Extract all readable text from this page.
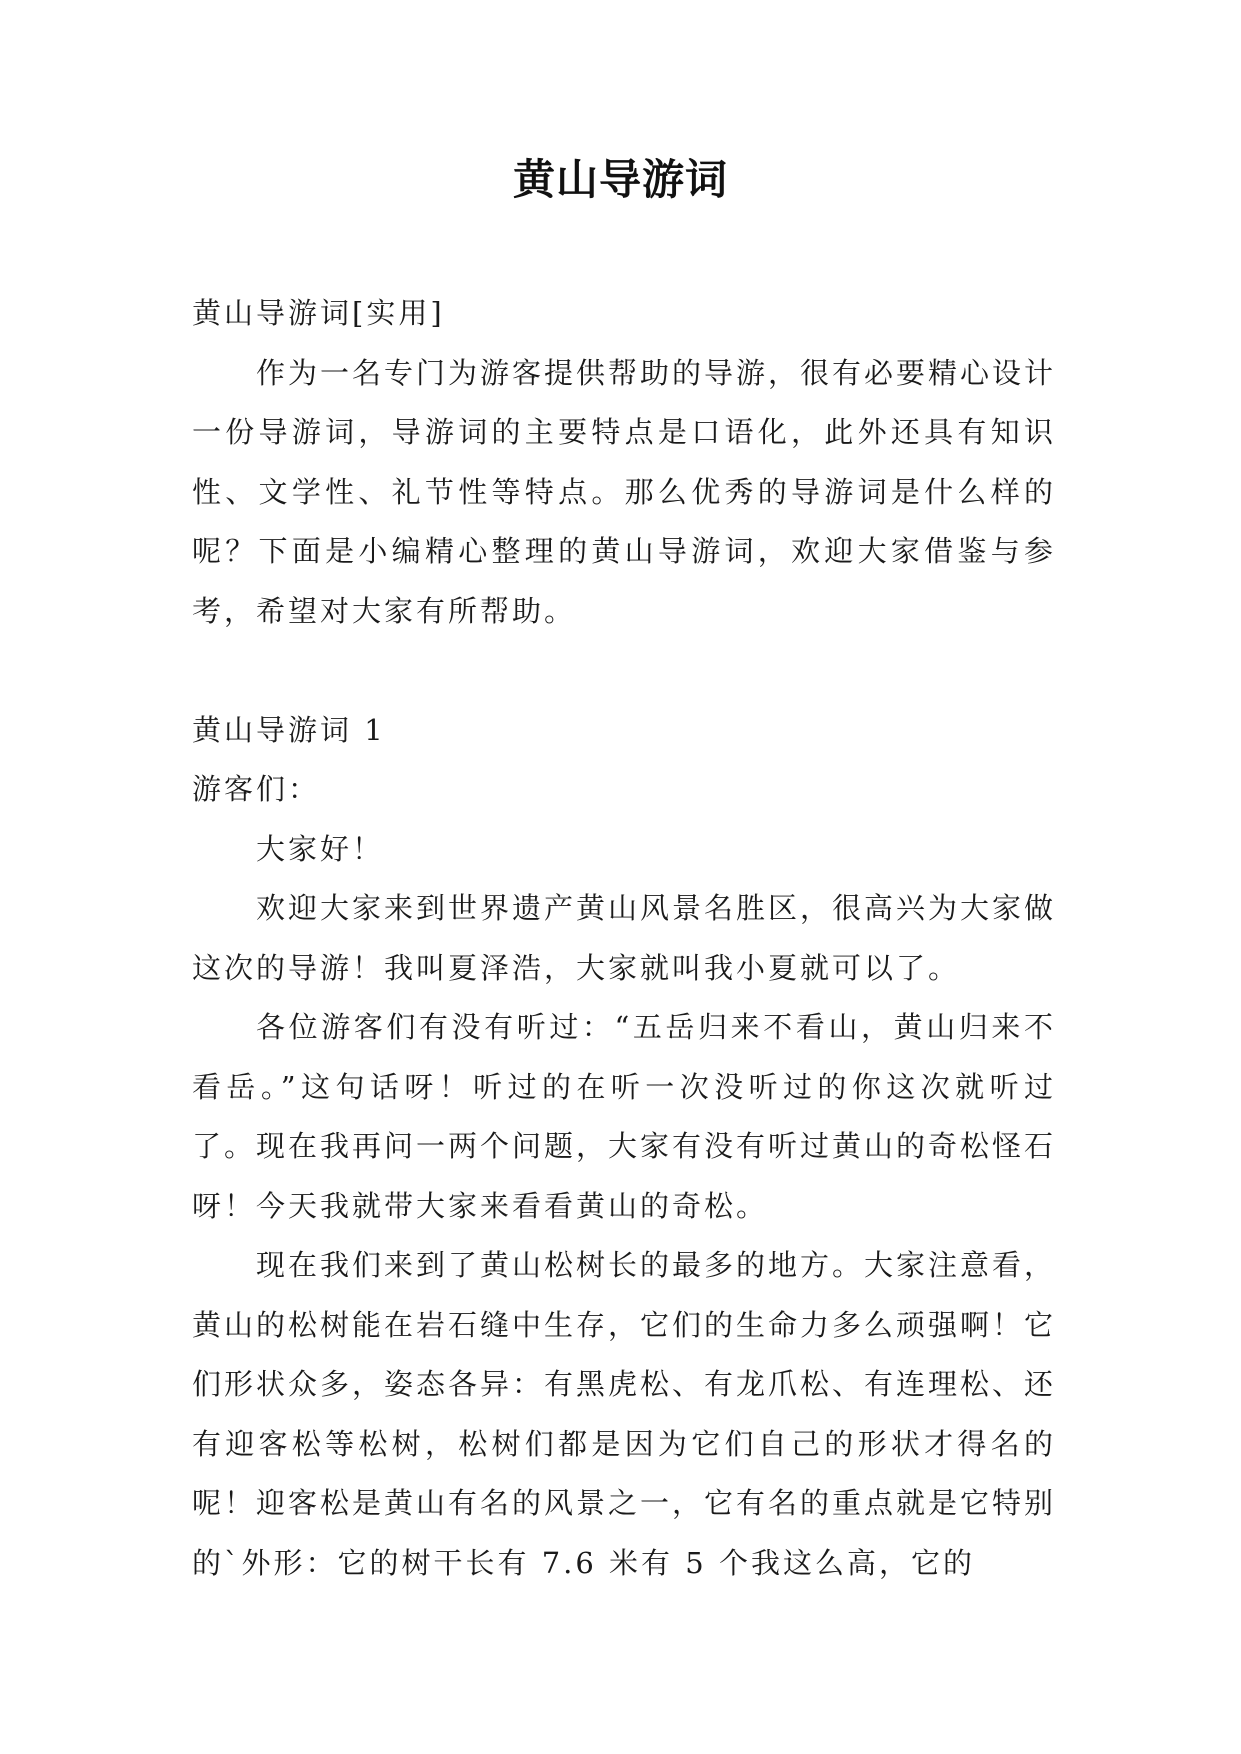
黄山导游词

黄山导游词[实用]

作为一名专门为游客提供帮助的导游，很有必要精心设计一份导游词，导游词的主要特点是口语化，此外还具有知识性、文学性、礼节性等特点。那么优秀的导游词是什么样的呢？下面是小编精心整理的黄山导游词，欢迎大家借鉴与参考，希望对大家有所帮助。

黄山导游词 1

游客们：

大家好！

欢迎大家来到世界遗产黄山风景名胜区，很高兴为大家做这次的导游！我叫夏泽浩，大家就叫我小夏就可以了。

各位游客们有没有听过：“五岳归来不看山，黄山归来不看岳。”这句话呀！听过的在听一次没听过的你这次就听过了。现在我再问一两个问题，大家有没有听过黄山的奇松怪石呀！今天我就带大家来看看黄山的奇松。

现在我们来到了黄山松树长的最多的地方。大家注意看，黄山的松树能在岩石缝中生存，它们的生命力多么顽强啊！它们形状众多，姿态各异：有黑虎松、有龙爪松、有连理松、还有迎客松等松树，松树们都是因为它们自己的形状才得名的呢！迎客松是黄山有名的风景之一，它有名的重点就是它特别的`外形：它的树干长有 7.6 米有 5 个我这么高，它的
